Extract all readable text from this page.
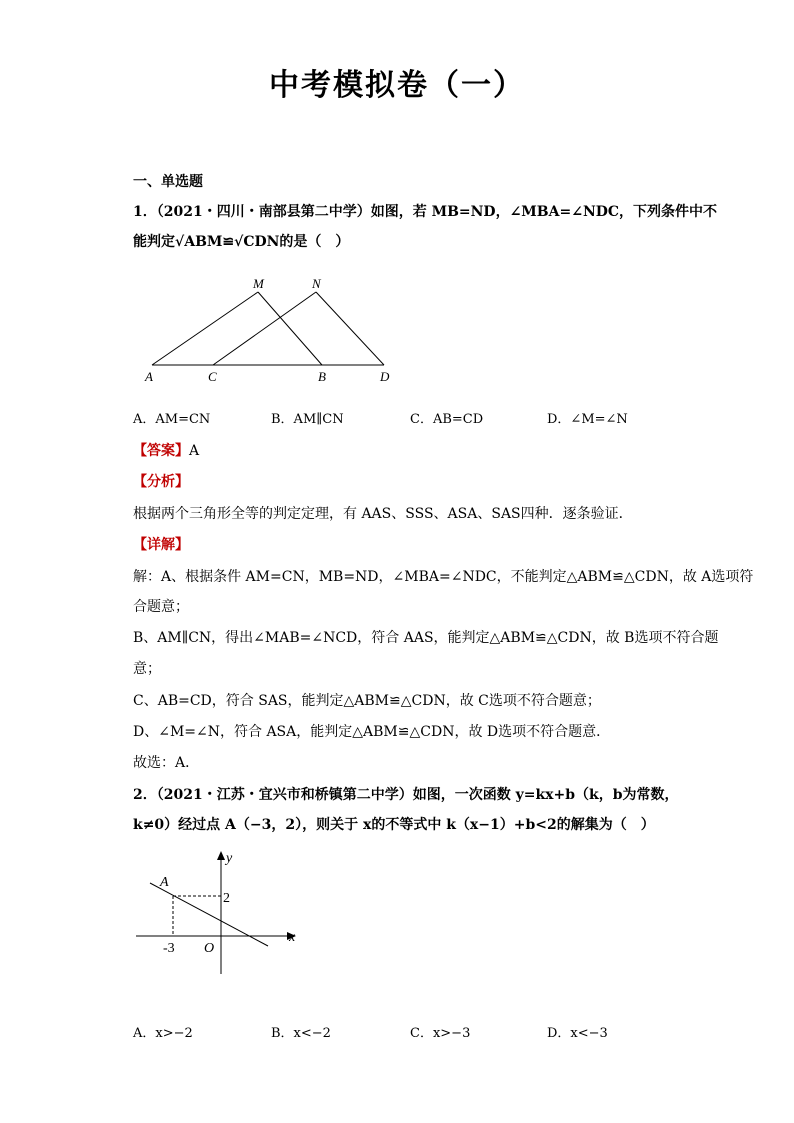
中考模拟卷（一）
一、单选题
1．（2021・四川・南部县第二中学）如图，若 MB=ND，∠MBA=∠NDC，下列条件中不
能判定√ABM≌√CDN的是（　）
M	N
A	C	B	D
A．AM=CN	B．AM∥CN	C．AB=CD	D．∠M=∠N
【答案】A
【分析】
根据两个三角形全等的判定定理，有 AAS、SSS、ASA、SAS四种．逐条验证．
【详解】
解：A、根据条件 AM=CN，MB=ND，∠MBA=∠NDC，不能判定△ABM≌△CDN，故 A选项符
合题意；
B、AM∥CN，得出∠MAB=∠NCD，符合 AAS，能判定△ABM≌△CDN，故 B选项不符合题
意；
C、AB=CD，符合 SAS，能判定△ABM≌△CDN，故 C选项不符合题意；
D、∠M=∠N，符合 ASA，能判定△ABM≌△CDN，故 D选项不符合题意．
故选：A．
2．（2021・江苏・宜兴市和桥镇第二中学）如图，一次函数 y=kx+b（k，b为常数，
k≠0）经过点 A（−3，2），则关于 x的不等式中 k（x−1）+b<2的解集为（　）
y
x
A
2
-3 O
A．x>−2	B．x<−2	C．x>−3	D．x<−3
